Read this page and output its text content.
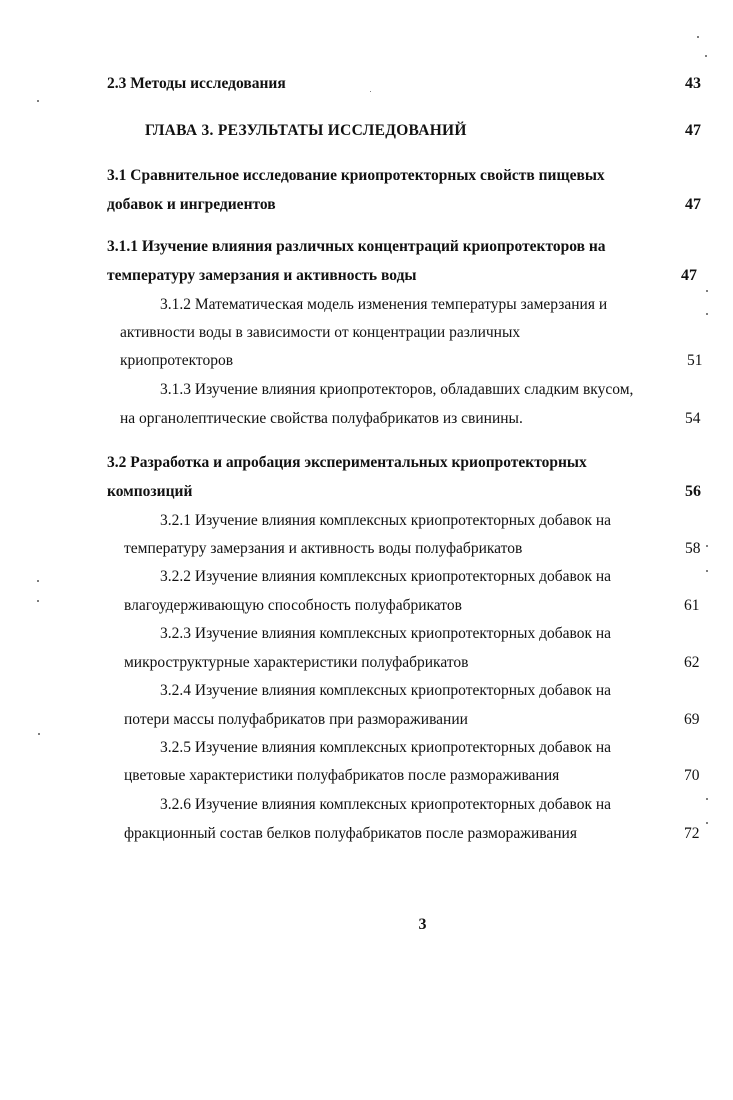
2.3 Методы исследования	43
ГЛАВА 3. РЕЗУЛЬТАТЫ ИССЛЕДОВАНИЙ	47
3.1 Сравнительное исследование криопротекторных свойств пищевых
добавок и ингредиентов	47
3.1.1 Изучение влияния различных концентраций криопротекторов на
температуру замерзания и активность воды	47
3.1.2 Математическая модель изменения температуры замерзания и
активности воды в зависимости от концентрации различных
криопротекторов	51
3.1.3 Изучение влияния криопротекторов, обладавших сладким вкусом,
на органолептические свойства полуфабрикатов из свинины.	54
3.2 Разработка и апробация экспериментальных криопротекторных
композиций	56
3.2.1 Изучение влияния комплексных криопротекторных добавок на
температуру замерзания и активность воды полуфабрикатов	58
3.2.2 Изучение влияния комплексных криопротекторных добавок на
влагоудерживающую способность полуфабрикатов	61
3.2.3 Изучение влияния комплексных криопротекторных добавок на
микроструктурные характеристики полуфабрикатов	62
3.2.4 Изучение влияния комплексных криопротекторных добавок на
потери массы полуфабрикатов при размораживании	69
3.2.5 Изучение влияния комплексных криопротекторных добавок на
цветовые характеристики полуфабрикатов после размораживания	70
3.2.6 Изучение влияния комплексных криопротекторных добавок на
фракционный состав белков полуфабрикатов после размораживания	72
3
